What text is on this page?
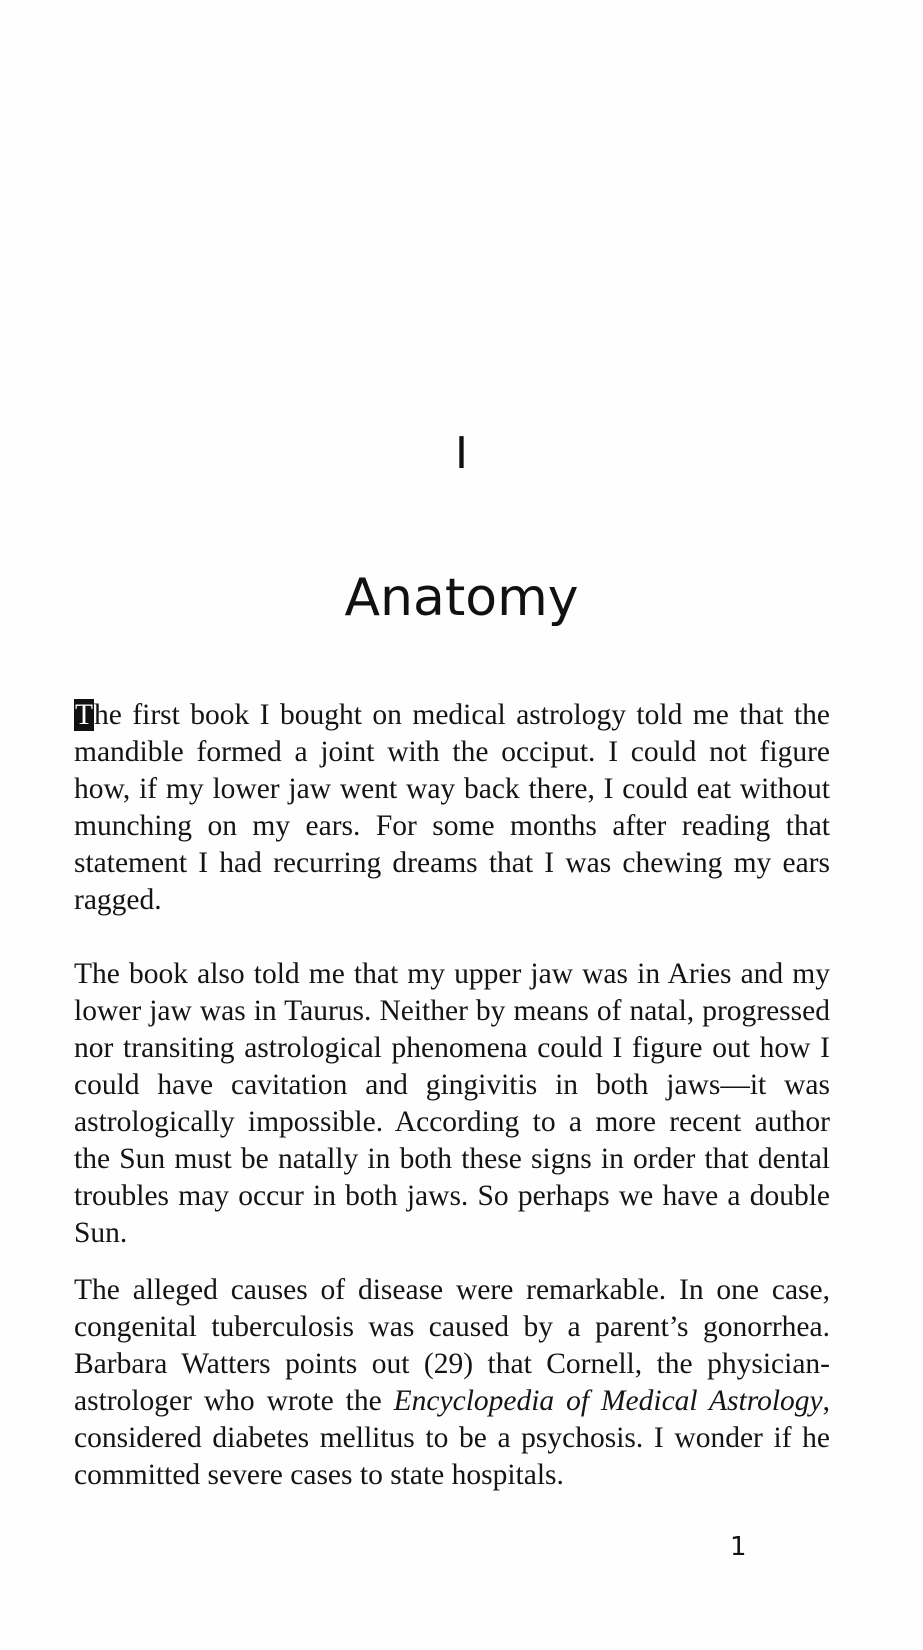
I
Anatomy

The first book I bought on medical astrology told me that the mandible formed a joint with the occiput. I could not figure how, if my lower jaw went way back there, I could eat without munching on my ears. For some months after reading that statement I had recurring dreams that I was chewing my ears ragged.

The book also told me that my upper jaw was in Aries and my lower jaw was in Taurus. Neither by means of natal, progressed nor transiting astrological phenomena could I figure out how I could have cavitation and gingivitis in both jaws—it was astrologically impossible. According to a more recent author the Sun must be natally in both these signs in order that dental troubles may occur in both jaws. So perhaps we have a double Sun.

The alleged causes of disease were remarkable. In one case, congenital tuberculosis was caused by a parent’s gonorrhea. Barbara Watters points out (29) that Cornell, the physician-astrologer who wrote the Encyclopedia of Medical Astrology, considered diabetes mellitus to be a psychosis. I wonder if he committed severe cases to state hospitals.

1
